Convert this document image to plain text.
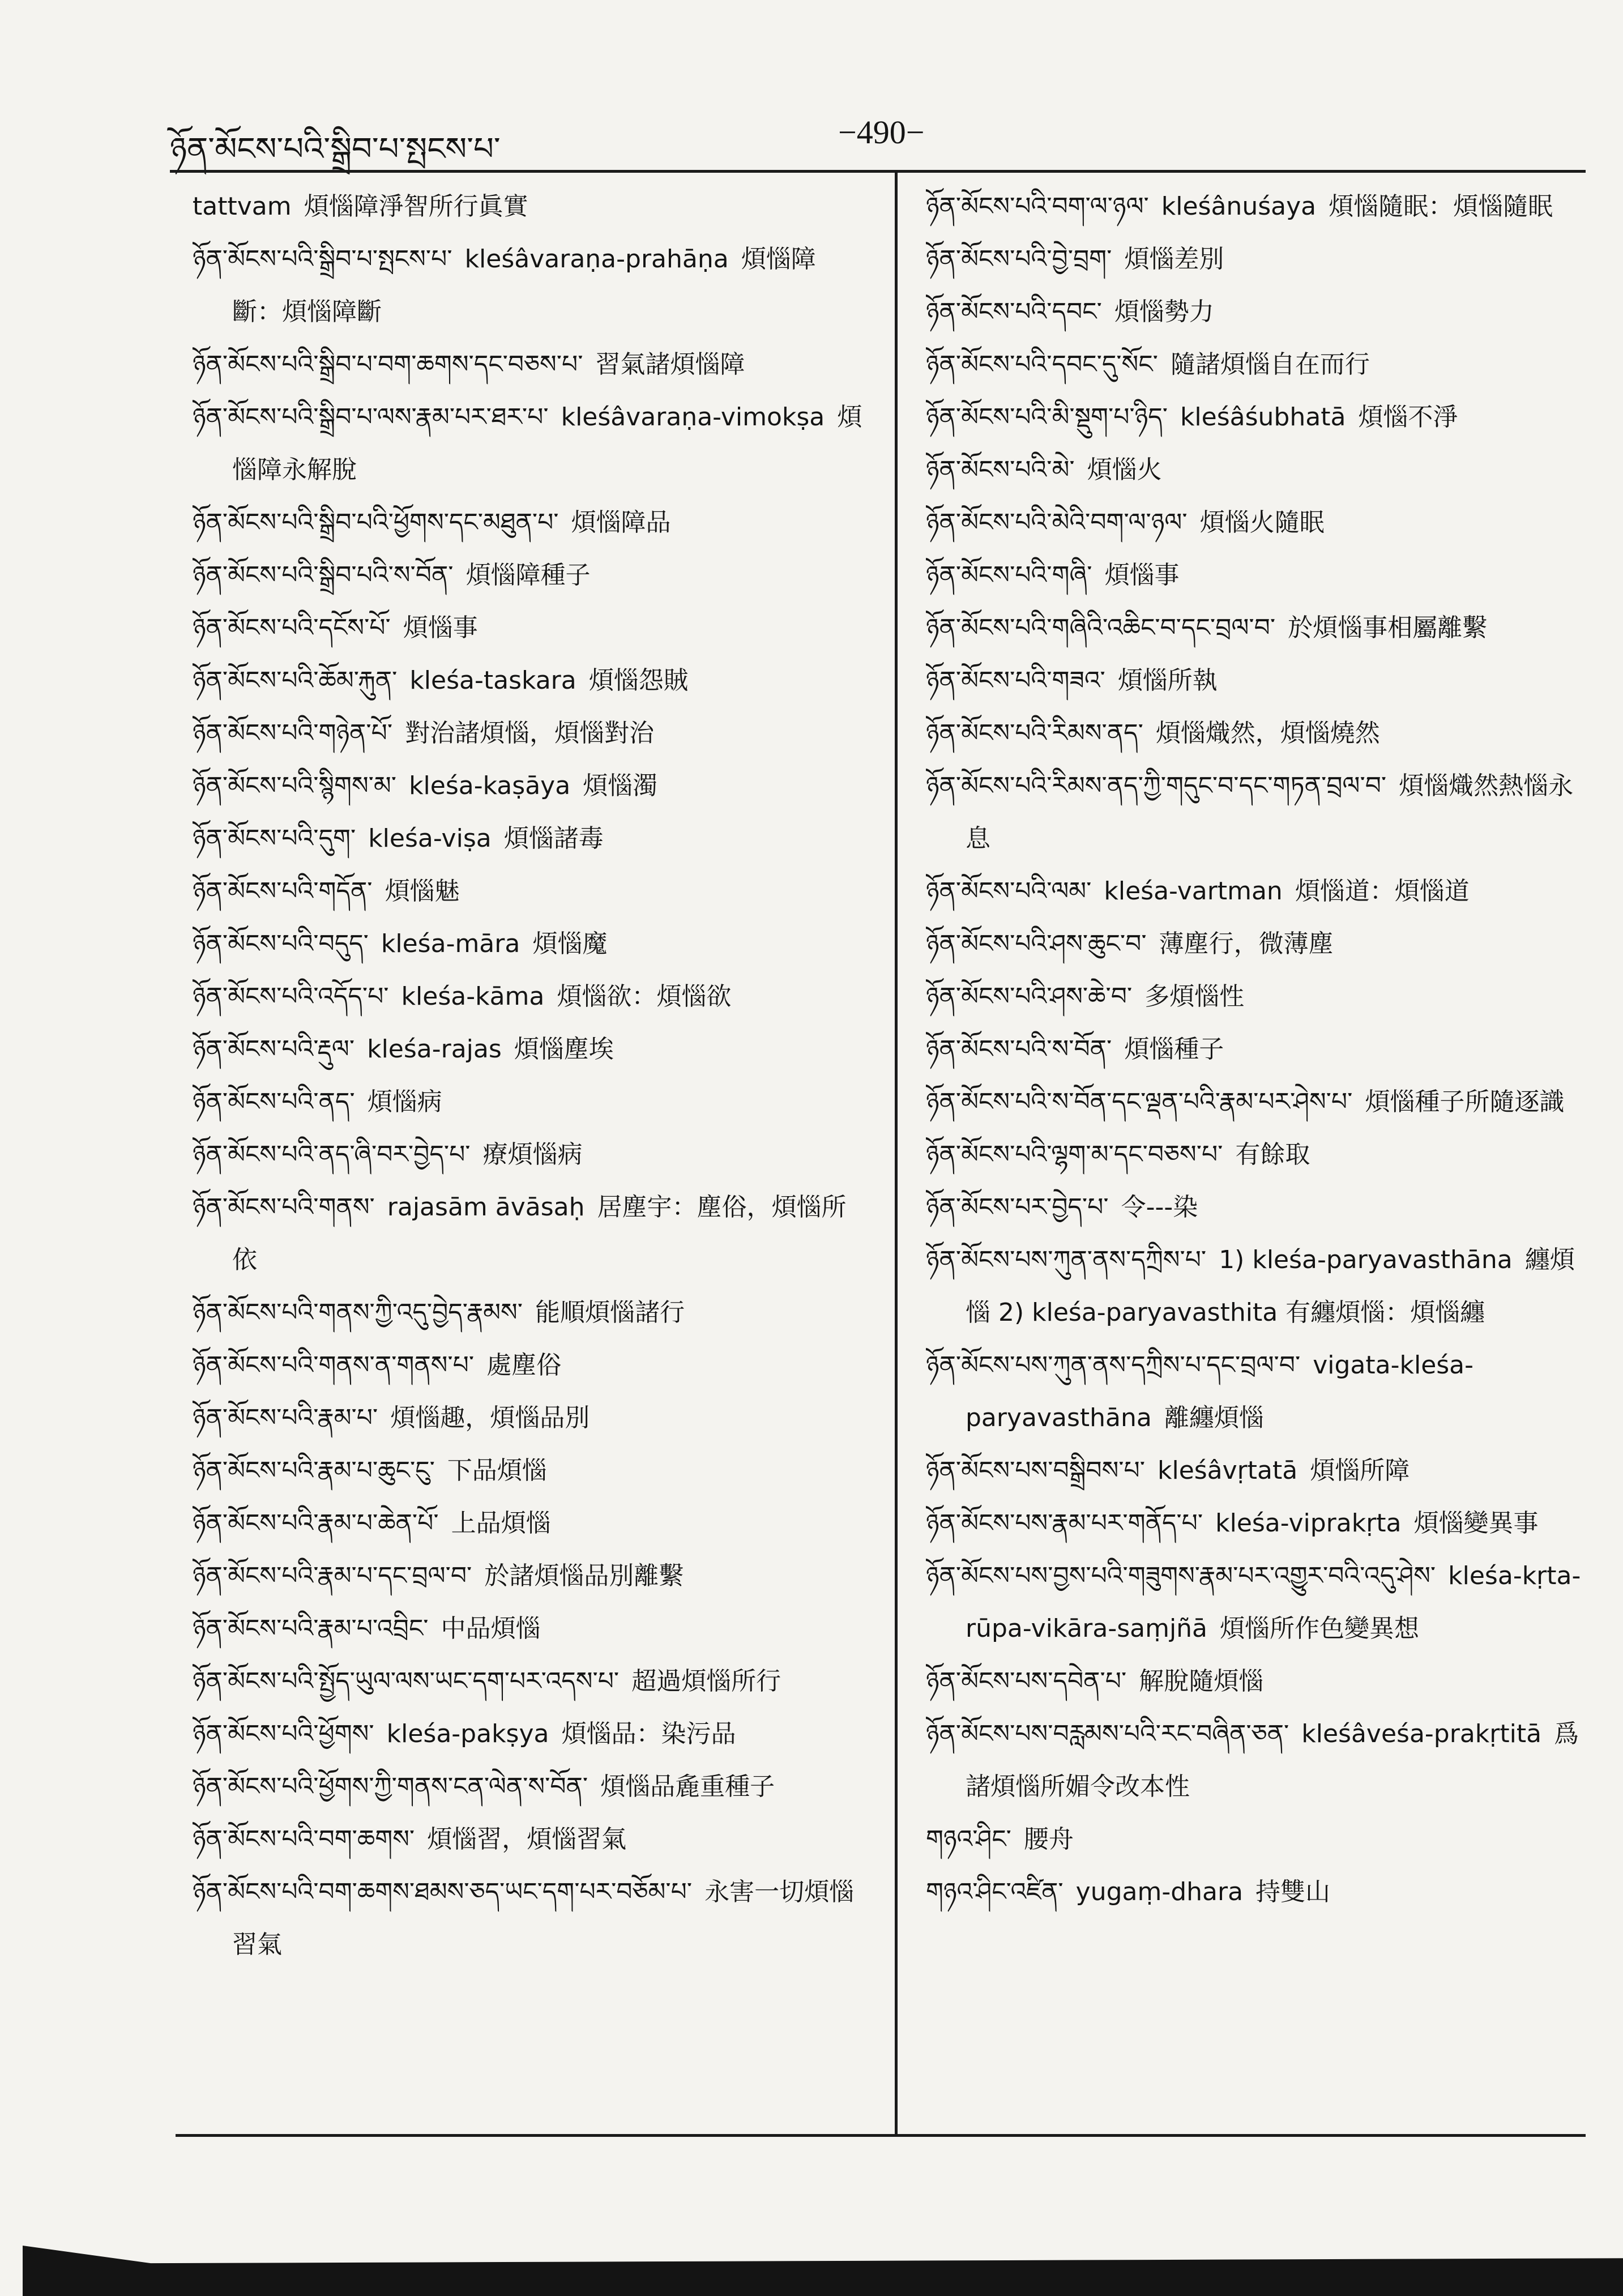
ཉོན་མོངས་པའི་སྒྲིབ་པ་སྤངས་པ་	−490−
tattvam 煩惱障淨智所行眞實
ཉོན་མོངས་པའི་སྒྲིབ་པ་སྤངས་པ་ kleśâvaraṇa-prahāṇa 煩惱障斷：煩惱障斷
ཉོན་མོངས་པའི་སྒྲིབ་པ་བག་ཆགས་དང་བཅས་པ་ 習氣諸煩惱障
ཉོན་མོངས་པའི་སྒྲིབ་པ་ལས་རྣམ་པར་ཐར་པ་ kleśâvaraṇa-vimokṣa 煩惱障永解脫
ཉོན་མོངས་པའི་སྒྲིབ་པའི་ཕྱོགས་དང་མཐུན་པ་ 煩惱障品
ཉོན་མོངས་པའི་སྒྲིབ་པའི་ས་བོན་ 煩惱障種子
ཉོན་མོངས་པའི་དངོས་པོ་ 煩惱事
ཉོན་མོངས་པའི་ཆོམ་རྐུན་ kleśa-taskara 煩惱怨賊
ཉོན་མོངས་པའི་གཉེན་པོ་ 對治諸煩惱，煩惱對治
ཉོན་མོངས་པའི་སྙིགས་མ་ kleśa-kaṣāya 煩惱濁
ཉོན་མོངས་པའི་དུག་ kleśa-viṣa 煩惱諸毒
ཉོན་མོངས་པའི་གདོན་ 煩惱魅
ཉོན་མོངས་པའི་བདུད་ kleśa-māra 煩惱魔
ཉོན་མོངས་པའི་འདོད་པ་ kleśa-kāma 煩惱欲：煩惱欲
ཉོན་མོངས་པའི་རྡུལ་ kleśa-rajas 煩惱塵埃
ཉོན་མོངས་པའི་ནད་ 煩惱病
ཉོན་མོངས་པའི་ནད་ཞི་བར་བྱེད་པ་ 療煩惱病
ཉོན་མོངས་པའི་གནས་ rajasām āvāsaḥ 居塵宇：塵俗，煩惱所依
ཉོན་མོངས་པའི་གནས་ཀྱི་འདུ་བྱེད་རྣམས་ 能順煩惱諸行
ཉོན་མོངས་པའི་གནས་ན་གནས་པ་ 處塵俗
ཉོན་མོངས་པའི་རྣམ་པ་ 煩惱趣，煩惱品別
ཉོན་མོངས་པའི་རྣམ་པ་ཆུང་ངུ་ 下品煩惱
ཉོན་མོངས་པའི་རྣམ་པ་ཆེན་པོ་ 上品煩惱
ཉོན་མོངས་པའི་རྣམ་པ་དང་བྲལ་བ་ 於諸煩惱品別離繫
ཉོན་མོངས་པའི་རྣམ་པ་འབྲིང་ 中品煩惱
ཉོན་མོངས་པའི་སྤྱོད་ཡུལ་ལས་ཡང་དག་པར་འདས་པ་ 超過煩惱所行
ཉོན་མོངས་པའི་ཕྱོགས་ kleśa-pakṣya 煩惱品：染污品
ཉོན་མོངས་པའི་ཕྱོགས་ཀྱི་གནས་ངན་ལེན་ས་བོན་ 煩惱品麁重種子
ཉོན་མོངས་པའི་བག་ཆགས་ 煩惱習，煩惱習氣
ཉོན་མོངས་པའི་བག་ཆགས་ཐམས་ཅད་ཡང་དག་པར་བཅོམ་པ་ 永害一切煩惱習氣
ཉོན་མོངས་པའི་བག་ལ་ཉལ་ kleśânuśaya 煩惱隨眠：煩惱隨眠
ཉོན་མོངས་པའི་བྱེ་བྲག་ 煩惱差別
ཉོན་མོངས་པའི་དབང་ 煩惱勢力
ཉོན་མོངས་པའི་དབང་དུ་སོང་ 隨諸煩惱自在而行
ཉོན་མོངས་པའི་མི་སྡུག་པ་ཉིད་ kleśâśubhatā 煩惱不淨
ཉོན་མོངས་པའི་མེ་ 煩惱火
ཉོན་མོངས་པའི་མེའི་བག་ལ་ཉལ་ 煩惱火隨眠
ཉོན་མོངས་པའི་གཞི་ 煩惱事
ཉོན་མོངས་པའི་གཞིའི་འཆིང་བ་དང་བྲལ་བ་ 於煩惱事相屬離繫
ཉོན་མོངས་པའི་གཟའ་ 煩惱所執
ཉོན་མོངས་པའི་རིམས་ནད་ 煩惱熾然，煩惱燒然
ཉོན་མོངས་པའི་རིམས་ནད་ཀྱི་གདུང་བ་དང་གཏན་བྲལ་བ་ 煩惱熾然熱惱永息
ཉོན་མོངས་པའི་ལམ་ kleśa-vartman 煩惱道：煩惱道
ཉོན་མོངས་པའི་ཤས་ཆུང་བ་ 薄塵行，微薄塵
ཉོན་མོངས་པའི་ཤས་ཆེ་བ་ 多煩惱性
ཉོན་མོངས་པའི་ས་བོན་ 煩惱種子
ཉོན་མོངས་པའི་ས་བོན་དང་ལྡན་པའི་རྣམ་པར་ཤེས་པ་ 煩惱種子所隨逐識
ཉོན་མོངས་པའི་ལྷག་མ་དང་བཅས་པ་ 有餘取
ཉོན་མོངས་པར་བྱེད་པ་ 令---染
ཉོན་མོངས་པས་ཀུན་ནས་དཀྲིས་པ་ 1) kleśa-paryavasthāna 纏煩惱 2) kleśa-paryavasthita 有纏煩惱：煩惱纏
ཉོན་མོངས་པས་ཀུན་ནས་དཀྲིས་པ་དང་བྲལ་བ་ vigata-kleśa-paryavasthāna 離纏煩惱
ཉོན་མོངས་པས་བསྒྲིབས་པ་ kleśâvṛtatā 煩惱所障
ཉོན་མོངས་པས་རྣམ་པར་གནོད་པ་ kleśa-viprakṛta 煩惱變異事
ཉོན་མོངས་པས་བྱས་པའི་གཟུགས་རྣམ་པར་འགྱུར་བའི་འདུ་ཤེས་ kleśa-kṛta-rūpa-vikāra-saṃjñā 煩惱所作色變異想
ཉོན་མོངས་པས་དབེན་པ་ 解脫隨煩惱
ཉོན་མོངས་པས་བརླམས་པའི་རང་བཞིན་ཅན་ kleśâveśa-prakṛtitā 爲諸煩惱所媚令改本性
གཉའ་ཤིང་ 腰舟
གཉའ་ཤིང་འཛིན་ yugaṃ-dhara 持雙山
